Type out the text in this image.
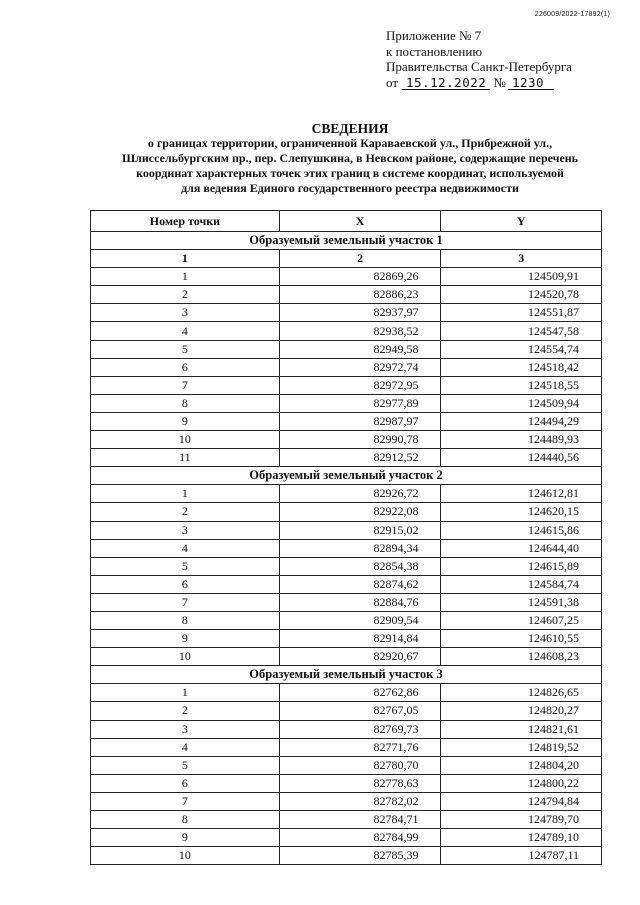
226009/2022-17892(1)
Приложение № 7
к постановлению
Правительства Санкт-Петербурга
от 15.12.2022 № 1230
СВЕДЕНИЯ
о границах территории, ограниченной Караваевской ул., Прибрежной ул.,
Шлиссельбургским пр., пер. Слепушкина, в Невском районе, содержащие перечень
координат характерных точек этих границ в системе координат, используемой
для ведения Единого государственного реестра недвижимости
Номер точки	X	Y
Образуемый земельный участок 1		
1	2	3
1	82869,26	124509,91
2	82886,23	124520,78
3	82937,97	124551,87
4	82938,52	124547,58
5	82949,58	124554,74
6	82972,74	124518,42
7	82972,95	124518,55
8	82977,89	124509,94
9	82987,97	124494,29
10	82990,78	124489,93
11	82912,52	124440,56
Образуемый земельный участок 2		
1	82926,72	124612,81
2	82922,08	124620,15
3	82915,02	124615,86
4	82894,34	124644,40
5	82854,38	124615,89
6	82874,62	124584,74
7	82884,76	124591,38
8	82909,54	124607,25
9	82914,84	124610,55
10	82920,67	124608,23
Образуемый земельный участок 3		
1	82762,86	124826,65
2	82767,05	124820,27
3	82769,73	124821,61
4	82771,76	124819,52
5	82780,70	124804,20
6	82778,63	124800,22
7	82782,02	124794,84
8	82784,71	124789,70
9	82784,99	124789,10
10	82785,39	124787,11
